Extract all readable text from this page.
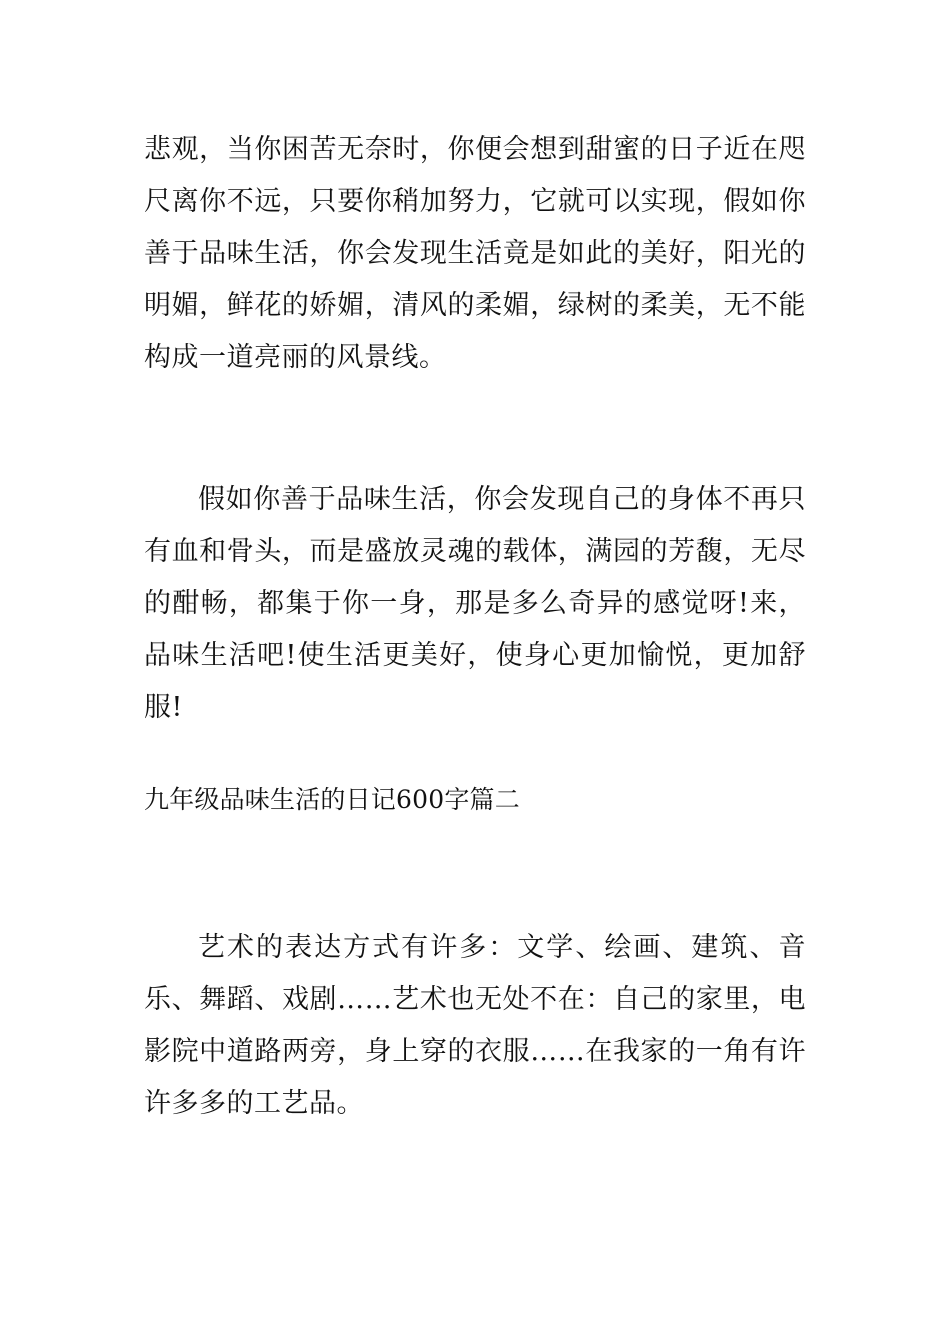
悲观，当你困苦无奈时，你便会想到甜蜜的日子近在咫尺离你不远，只要你稍加努力，它就可以实现，假如你善于品味生活，你会发现生活竟是如此的美好，阳光的明媚，鲜花的娇媚，清风的柔媚，绿树的柔美，无不能构成一道亮丽的风景线。

假如你善于品味生活，你会发现自己的身体不再只有血和骨头，而是盛放灵魂的载体，满园的芳馥，无尽的酣畅，都集于你一身，那是多么奇异的感觉呀!来，品味生活吧!使生活更美好，使身心更加愉悦，更加舒服!

九年级品味生活的日记600字篇二

艺术的表达方式有许多：文学、绘画、建筑、音乐、舞蹈、戏剧……艺术也无处不在：自己的家里，电影院中道路两旁，身上穿的衣服……在我家的一角有许许多多的工艺品。
